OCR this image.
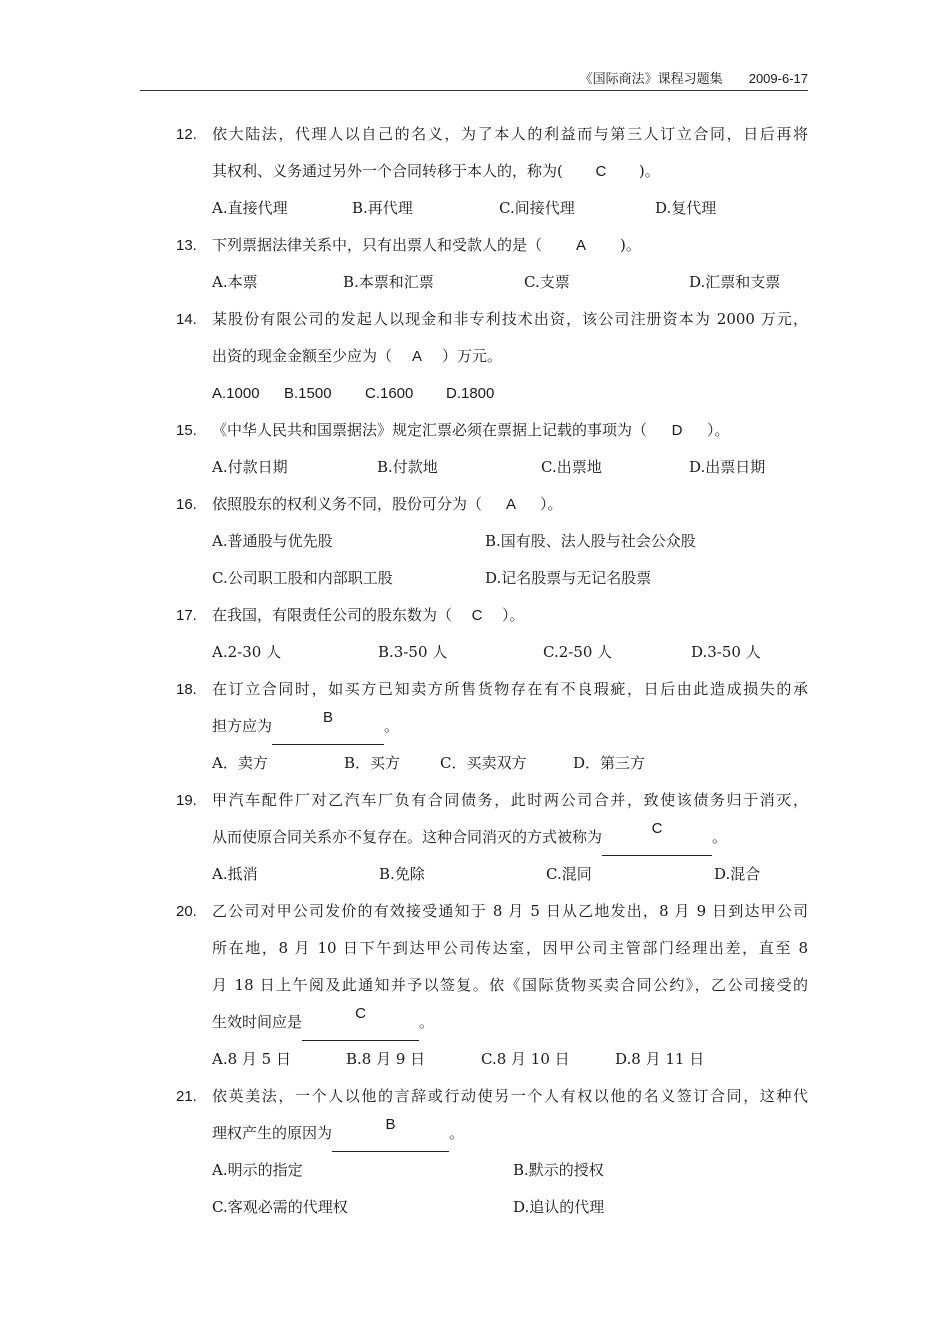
《国际商法》课程习题集 2009-6-17
12.	依大陆法，代理人以自己的名义，为了本人的利益而与第三人订立合同，日后再将
其权利、义务通过另外一个合同转移于本人的，称为(	C	)。
A.直接代理	B.再代理	C.间接代理	D.复代理
13.	下列票据法律关系中，只有出票人和受款人的是（	A	)。
A.本票	B.本票和汇票	C.支票	D.汇票和支票
14.	某股份有限公司的发起人以现金和非专利技术出资，该公司注册资本为 2000 万元，
出资的现金金额至少应为（	A	）万元。
A.1000	B.1500	C.1600	D.1800
15.	《中华人民共和国票据法》规定汇票必须在票据上记载的事项为（	D	）。
A.付款日期	B.付款地	C.出票地	D.出票日期
16.	依照股东的权利义务不同，股份可分为（	A	）。
A.普通股与优先股	B.国有股、法人股与社会公众股
C.公司职工股和内部职工股	D.记名股票与无记名股票
17.	在我国，有限责任公司的股东数为（	C	）。
A.2-30 人	B.3-50 人	C.2-50 人	D.3-50 人
18.	在订立合同时，如买方已知卖方所售货物存在有不良瑕疵，日后由此造成损失的承
担方应为	B	。
A．卖方	B．买方	C．买卖双方	D．第三方
19.	甲汽车配件厂对乙汽车厂负有合同债务，此时两公司合并，致使该债务归于消灭，
从而使原合同关系亦不复存在。这种合同消灭的方式被称为	C	。
A.抵消	B.免除	C.混同	D.混合
20.	乙公司对甲公司发价的有效接受通知于 8 月 5 日从乙地发出，8 月 9 日到达甲公司
所在地，8 月 10 日下午到达甲公司传达室，因甲公司主管部门经理出差，直至 8
月 18 日上午阅及此通知并予以签复。依《国际货物买卖合同公约》，乙公司接受的
生效时间应是	C	。
A.8 月 5 日	B.8 月 9 日	C.8 月 10 日	D.8 月 11 日
21.	依英美法，一个人以他的言辞或行动使另一个人有权以他的名义签订合同，这种代
理权产生的原因为	B	。
A.明示的指定	B.默示的授权
C.客观必需的代理权	D.追认的代理
